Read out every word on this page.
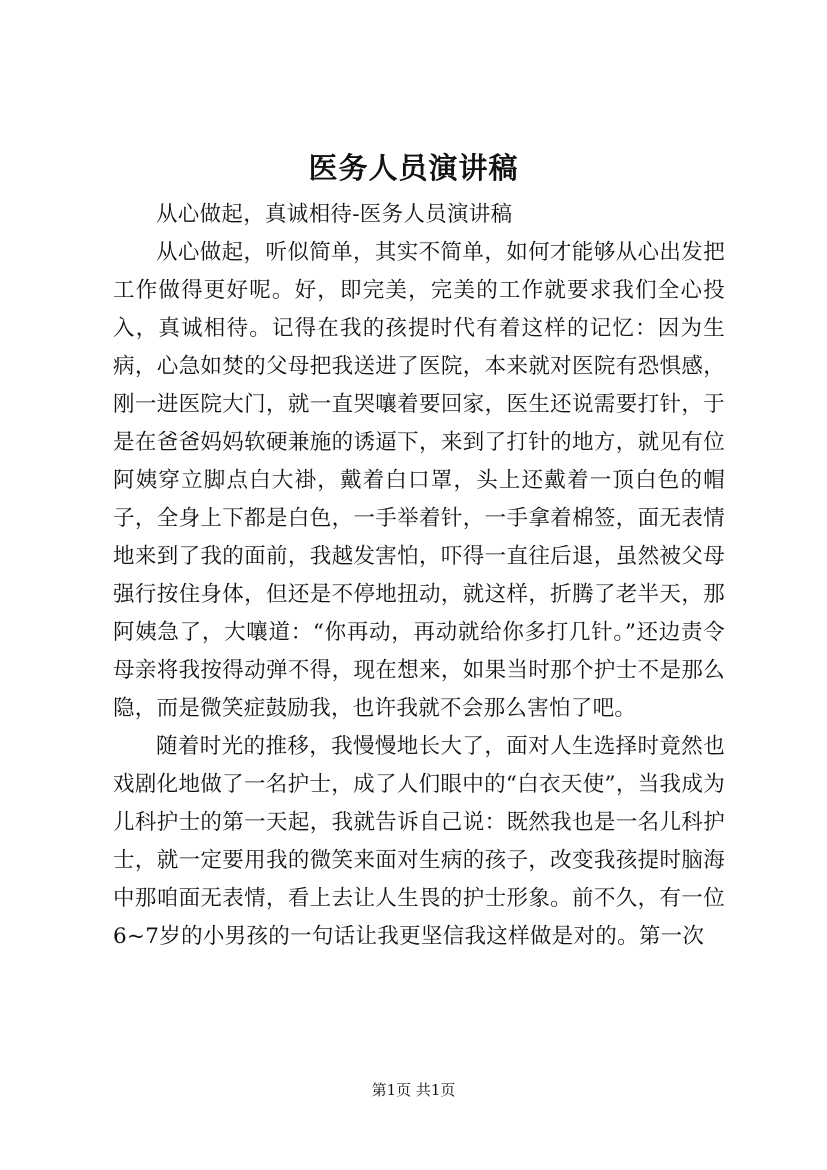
医务人员演讲稿

从心做起，真诚相待-医务人员演讲稿

从心做起，听似简单，其实不简单，如何才能够从心出发把工作做得更好呢。好，即完美，完美的工作就要求我们全心投入，真诚相待。记得在我的孩提时代有着这样的记忆：因为生病，心急如焚的父母把我送进了医院，本来就对医院有恐惧感，刚一进医院大门，就一直哭嚷着要回家，医生还说需要打针，于是在爸爸妈妈软硬兼施的诱逼下，来到了打针的地方，就见有位阿姨穿立脚点白大褂，戴着白口罩，头上还戴着一顶白色的帽子，全身上下都是白色，一手举着针，一手拿着棉签，面无表情地来到了我的面前，我越发害怕，吓得一直往后退，虽然被父母强行按住身体，但还是不停地扭动，就这样，折腾了老半天，那阿姨急了，大嚷道：“你再动，再动就给你多打几针。”还边责令母亲将我按得动弹不得，现在想来，如果当时那个护士不是那么隐，而是微笑症鼓励我，也许我就不会那么害怕了吧。

随着时光的推移，我慢慢地长大了，面对人生选择时竟然也戏剧化地做了一名护士，成了人们眼中的“白衣天使”，当我成为儿科护士的第一天起，我就告诉自己说：既然我也是一名儿科护士，就一定要用我的微笑来面对生病的孩子，改变我孩提时脑海中那咱面无表情，看上去让人生畏的护士形象。前不久，有一位6~7岁的小男孩的一句话让我更坚信我这样做是对的。第一次

第1页 共1页
